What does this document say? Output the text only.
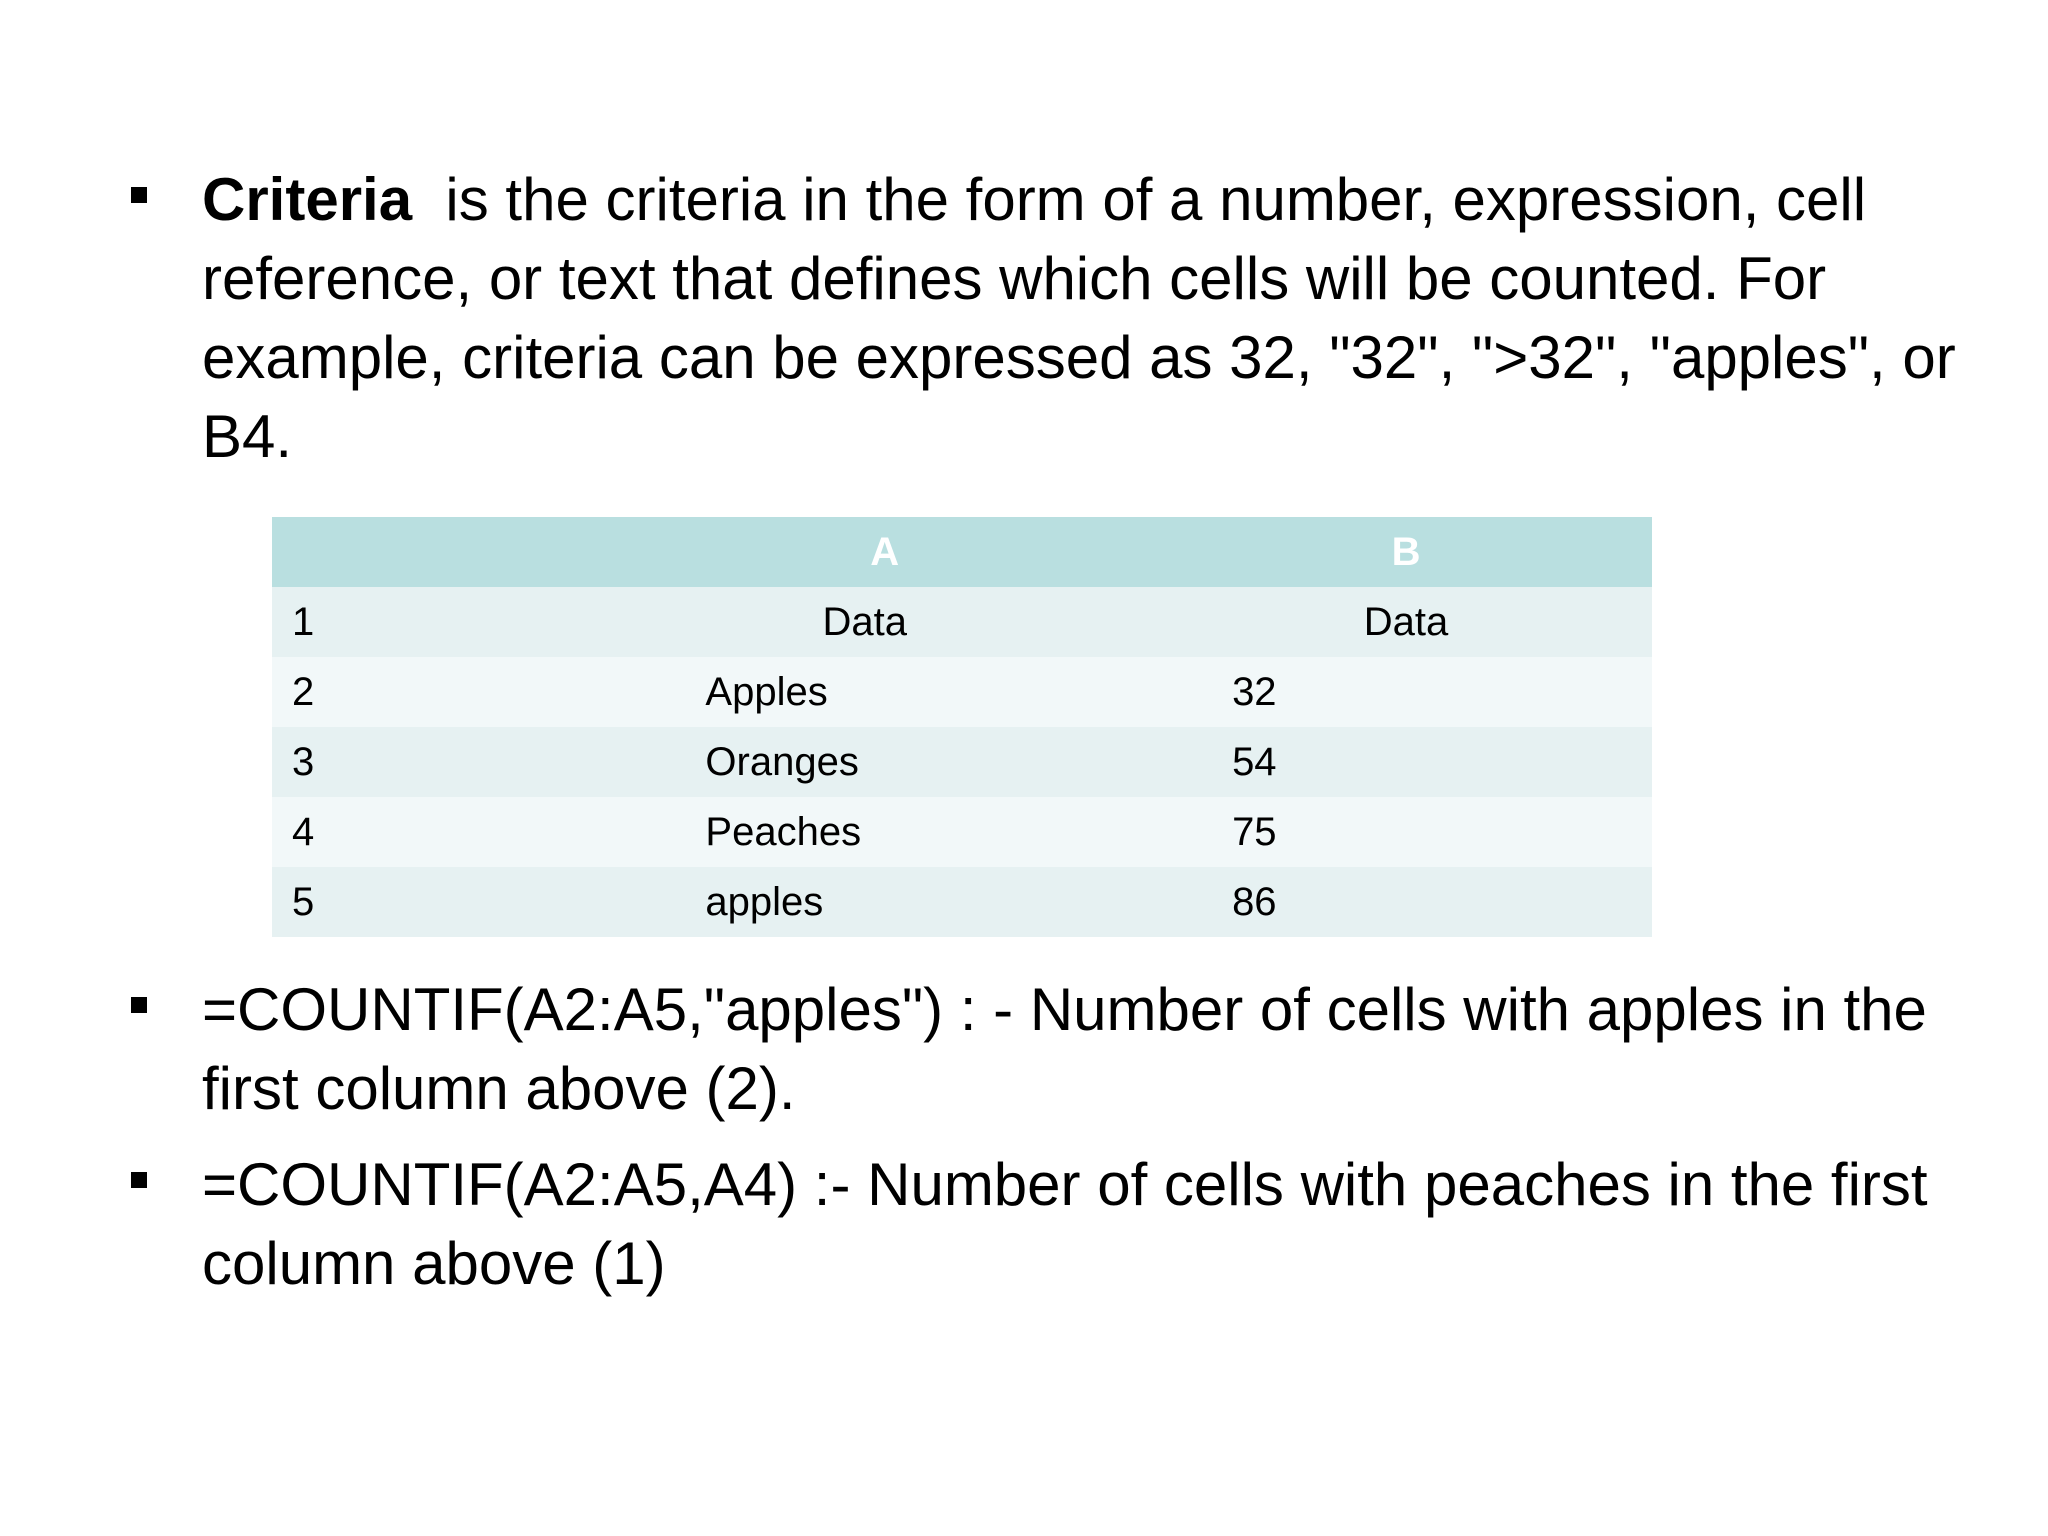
Criteria  is the criteria in the form of a number, expression, cell reference, or text that defines which cells will be counted. For example, criteria can be expressed as 32, "32", ">32", "apples", or B4.
	A	B
1	Data	Data
2	Apples	32
3	Oranges	54
4	Peaches	75
5	apples	86
=COUNTIF(A2:A5,"apples") : - Number of cells with apples in the first column above (2).
=COUNTIF(A2:A5,A4) :- Number of cells with peaches in the first column above (1)
